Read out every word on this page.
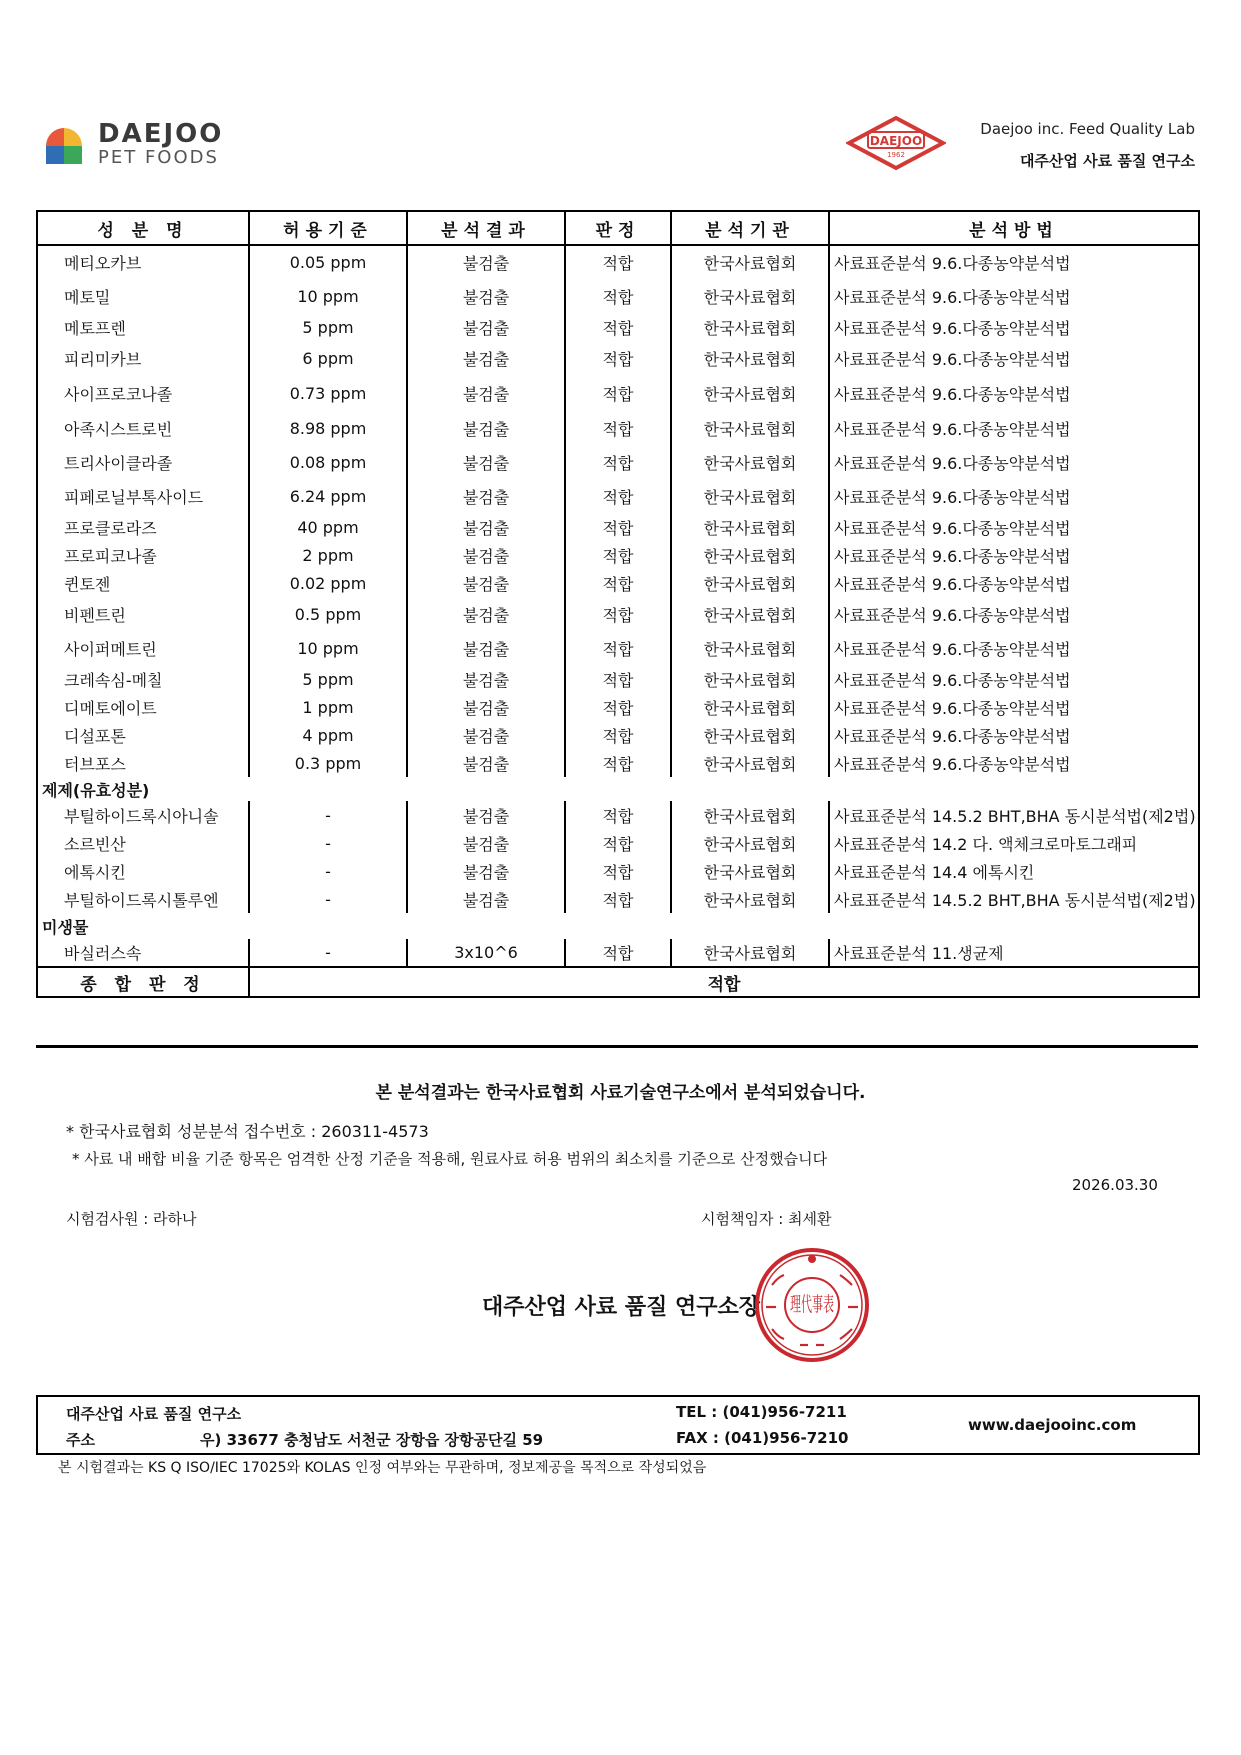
DAEJOO
PET FOODS
DAEJOO
1962
Daejoo inc. Feed Quality Lab
대주산업 사료 품질 연구소
성 분 명	허용기준	분석결과	판정	분석기관	분석방법
메티오카브	0.05 ppm	불검출	적합	한국사료협회	사료표준분석 9.6.다종농약분석법
메토밀	10 ppm	불검출	적합	한국사료협회	사료표준분석 9.6.다종농약분석법
메토프렌	5 ppm	불검출	적합	한국사료협회	사료표준분석 9.6.다종농약분석법
피리미카브	6 ppm	불검출	적합	한국사료협회	사료표준분석 9.6.다종농약분석법
사이프로코나졸	0.73 ppm	불검출	적합	한국사료협회	사료표준분석 9.6.다종농약분석법
아족시스트로빈	8.98 ppm	불검출	적합	한국사료협회	사료표준분석 9.6.다종농약분석법
트리사이클라졸	0.08 ppm	불검출	적합	한국사료협회	사료표준분석 9.6.다종농약분석법
피페로닐부톡사이드	6.24 ppm	불검출	적합	한국사료협회	사료표준분석 9.6.다종농약분석법
프로클로라즈	40 ppm	불검출	적합	한국사료협회	사료표준분석 9.6.다종농약분석법
프로피코나졸	2 ppm	불검출	적합	한국사료협회	사료표준분석 9.6.다종농약분석법
퀸토젠	0.02 ppm	불검출	적합	한국사료협회	사료표준분석 9.6.다종농약분석법
비펜트린	0.5 ppm	불검출	적합	한국사료협회	사료표준분석 9.6.다종농약분석법
사이퍼메트린	10 ppm	불검출	적합	한국사료협회	사료표준분석 9.6.다종농약분석법
크레속심-메칠	5 ppm	불검출	적합	한국사료협회	사료표준분석 9.6.다종농약분석법
디메토에이트	1 ppm	불검출	적합	한국사료협회	사료표준분석 9.6.다종농약분석법
디설포톤	4 ppm	불검출	적합	한국사료협회	사료표준분석 9.6.다종농약분석법
터브포스	0.3 ppm	불검출	적합	한국사료협회	사료표준분석 9.6.다종농약분석법
제제(유효성분)					
부틸하이드록시아니솔	-	불검출	적합	한국사료협회	사료표준분석 14.5.2 BHT,BHA 동시분석법(제2법)
소르빈산	-	불검출	적합	한국사료협회	사료표준분석 14.2 다. 액체크로마토그래피
에톡시킨	-	불검출	적합	한국사료협회	사료표준분석 14.4 에톡시킨
부틸하이드록시톨루엔	-	불검출	적합	한국사료협회	사료표준분석 14.5.2 BHT,BHA 동시분석법(제2법)
미생물					
바실러스속	-	3x10^6	적합	한국사료협회	사료표준분석 11.생균제
종 합 판 정	적합				
본 분석결과는 한국사료협회 사료기술연구소에서 분석되었습니다.
* 한국사료협회 성분분석 접수번호 : 260311-4573
* 사료 내 배합 비율 기준 항목은 엄격한 산정 기준을 적용해, 원료사료 허용 범위의 최소치를 기준으로 산정했습니다
2026.03.30
시험검사원 : 라하나	시험책임자 : 최세환
대주산업 사료 품질 연구소장 理代事表
대주산업 사료 품질 연구소
주소	우) 33677 충청남도 서천군 장항읍 장항공단길 59
TEL : (041)956-7211
FAX : (041)956-7210
www.daejooinc.com
본 시험결과는 KS Q ISO/IEC 17025와 KOLAS 인정 여부와는 무관하며, 정보제공을 목적으로 작성되었음
